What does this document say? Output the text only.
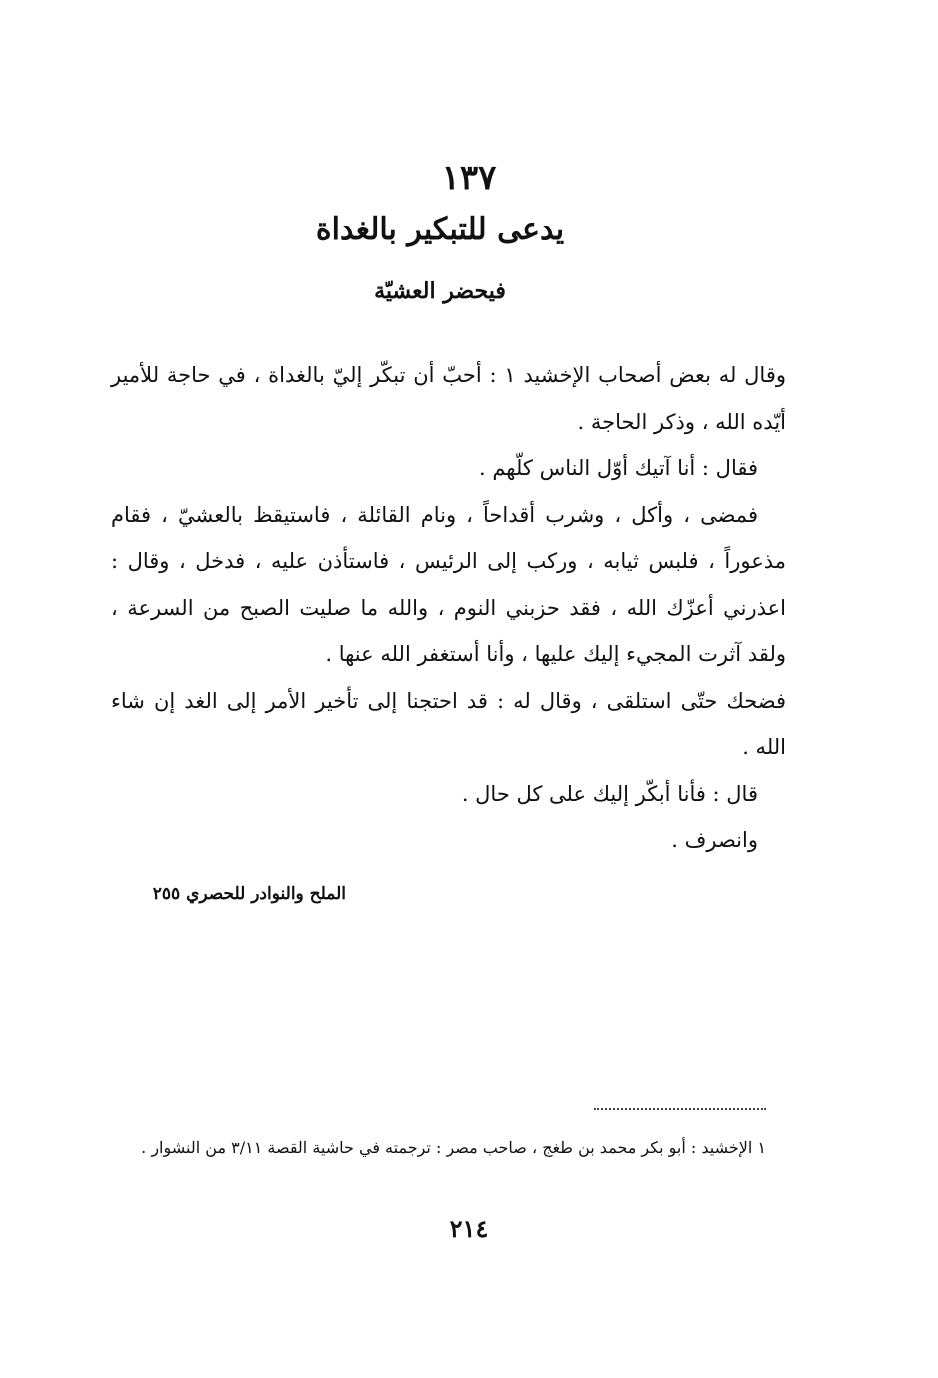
١٣٧
يدعى للتبكير بالغداة
فيحضر العشيّة

وقال له بعض أصحاب الإخشيد ١ : أحبّ أن تبكّر إليّ بالغداة ، في حاجة للأمير أيّده الله ، وذكر الحاجة .

فقال : أنا آتيك أوّل الناس كلّهم .

فمضى ، وأكل ، وشرب أقداحاً ، ونام القائلة ، فاستيقظ بالعشيّ ، فقام مذعوراً ، فلبس ثيابه ، وركب إلى الرئيس ، فاستأذن عليه ، فدخل ، وقال : اعذرني أعزّك الله ، فقد حزبني النوم ، والله ما صليت الصبح من السرعة ، ولقد آثرت المجيء إليك عليها ، وأنا أستغفر الله عنها .

فضحك حتّى استلقى ، وقال له : قد احتجنا إلى تأخير الأمر إلى الغد إن شاء الله .

قال : فأنا أبكّر إليك على كل حال .

وانصرف .

الملح والنوادر للحصري ٢٥٥
١ الإخشيد : أبو بكر محمد بن طغج ، صاحب مصر : ترجمته في حاشية القصة ٣/١١ من النشوار .
٢١٤
